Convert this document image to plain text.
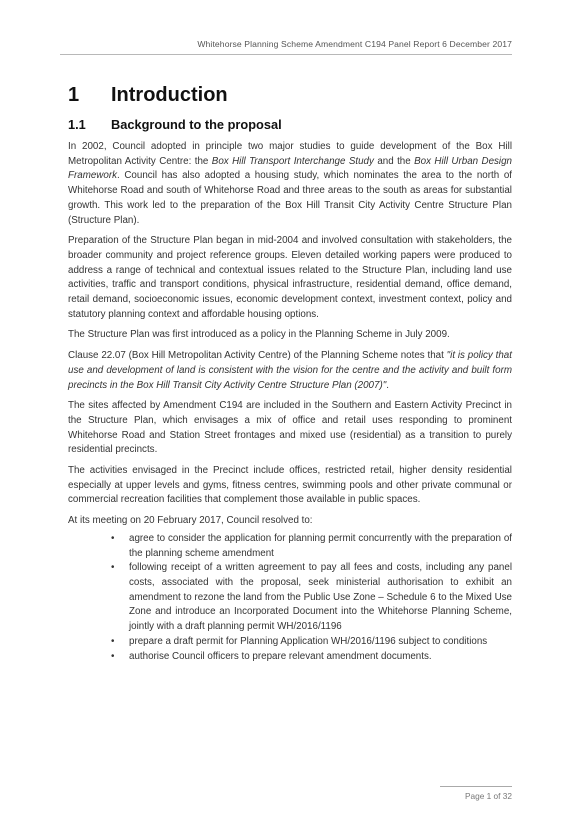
Whitehorse Planning Scheme Amendment C194 Panel Report 6 December 2017
1 Introduction
1.1 Background to the proposal

In 2002, Council adopted in principle two major studies to guide development of the Box Hill Metropolitan Activity Centre: the Box Hill Transport Interchange Study and the Box Hill Urban Design Framework. Council has also adopted a housing study, which nominates the area to the north of Whitehorse Road and south of Whitehorse Road and three areas to the south as areas for substantial growth. This work led to the preparation of the Box Hill Transit City Activity Centre Structure Plan (Structure Plan).

Preparation of the Structure Plan began in mid-2004 and involved consultation with stakeholders, the broader community and project reference groups. Eleven detailed working papers were produced to address a range of technical and contextual issues related to the Structure Plan, including land use activities, traffic and transport conditions, physical infrastructure, residential demand, office demand, retail demand, socioeconomic issues, economic development context, investment context, policy and statutory planning context and affordable housing options.

The Structure Plan was first introduced as a policy in the Planning Scheme in July 2009.

Clause 22.07 (Box Hill Metropolitan Activity Centre) of the Planning Scheme notes that "it is policy that use and development of land is consistent with the vision for the centre and the activity and built form precincts in the Box Hill Transit City Activity Centre Structure Plan (2007)".

The sites affected by Amendment C194 are included in the Southern and Eastern Activity Precinct in the Structure Plan, which envisages a mix of office and retail uses responding to prominent Whitehorse Road and Station Street frontages and mixed use (residential) as a transition to purely residential precincts.

The activities envisaged in the Precinct include offices, restricted retail, higher density residential especially at upper levels and gyms, fitness centres, swimming pools and other private communal or commercial recreation facilities that complement those available in public spaces.

At its meeting on 20 February 2017, Council resolved to:

• agree to consider the application for planning permit concurrently with the preparation of the planning scheme amendment
• following receipt of a written agreement to pay all fees and costs, including any panel costs, associated with the proposal, seek ministerial authorisation to exhibit an amendment to rezone the land from the Public Use Zone – Schedule 6 to the Mixed Use Zone and introduce an Incorporated Document into the Whitehorse Planning Scheme, jointly with a draft planning permit WH/2016/1196
• prepare a draft permit for Planning Application WH/2016/1196 subject to conditions
• authorise Council officers to prepare relevant amendment documents.
Page 1 of 32
